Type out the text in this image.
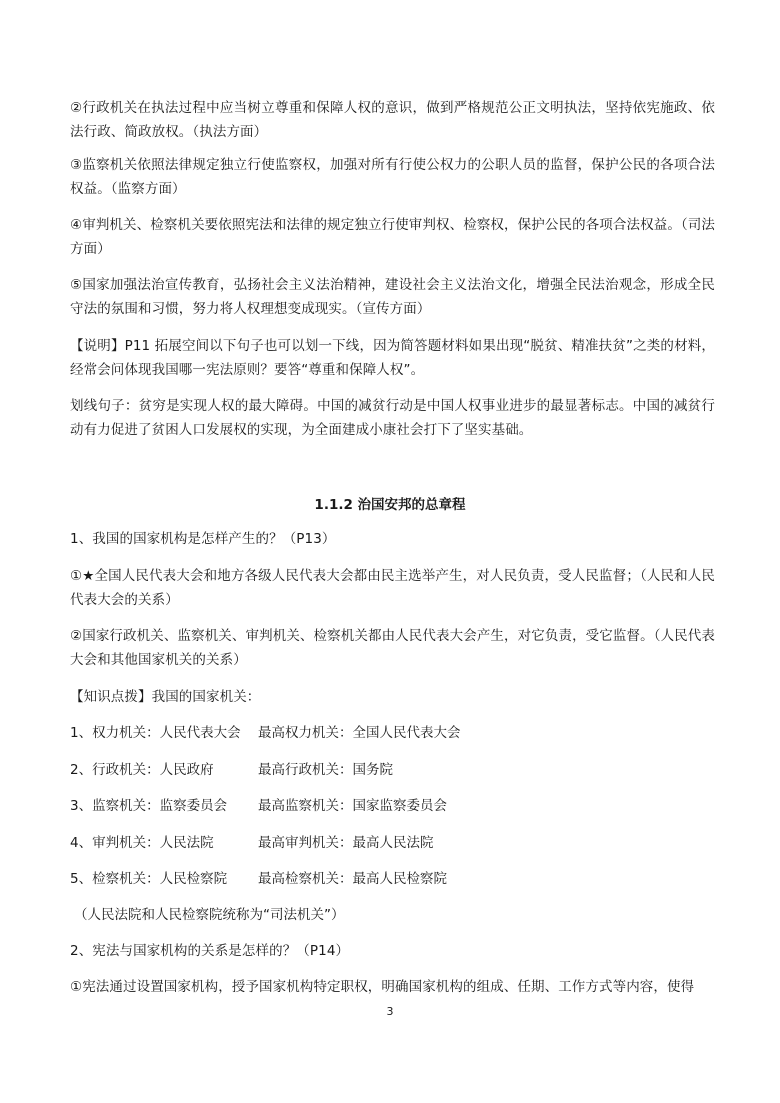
②行政机关在执法过程中应当树立尊重和保障人权的意识，做到严格规范公正文明执法，坚持依宪施政、依法行政、简政放权。（执法方面）

③监察机关依照法律规定独立行使监察权，加强对所有行使公权力的公职人员的监督，保护公民的各项合法权益。（监察方面）

④审判机关、检察机关要依照宪法和法律的规定独立行使审判权、检察权，保护公民的各项合法权益。（司法方面）

⑤国家加强法治宣传教育，弘扬社会主义法治精神，建设社会主义法治文化，增强全民法治观念，形成全民守法的氛围和习惯，努力将人权理想变成现实。（宣传方面）

【说明】P11 拓展空间以下句子也可以划一下线，因为简答题材料如果出现“脱贫、精准扶贫”之类的材料，经常会问体现我国哪一宪法原则？要答“尊重和保障人权”。

划线句子：贫穷是实现人权的最大障碍。中国的减贫行动是中国人权事业进步的最显著标志。中国的减贫行动有力促进了贫困人口发展权的实现，为全面建成小康社会打下了坚实基础。

1.1.2 治国安邦的总章程

1、我国的国家机构是怎样产生的？（P13）

①★全国人民代表大会和地方各级人民代表大会都由民主选举产生，对人民负责，受人民监督；（人民和人民代表大会的关系）

②国家行政机关、监察机关、审判机关、检察机关都由人民代表大会产生，对它负责，受它监督。（人民代表大会和其他国家机关的关系）

【知识点拨】我国的国家机关：

1、权力机关：人民代表大会 最高权力机关：全国人民代表大会

2、行政机关：人民政府	最高行政机关：国务院

3、监察机关：监察委员会 最高监察机关：国家监察委员会

4、审判机关：人民法院	最高审判机关：最高人民法院

5、检察机关：人民检察院 最高检察机关：最高人民检察院

（人民法院和人民检察院统称为“司法机关”）

2、宪法与国家机构的关系是怎样的？（P14）

①宪法通过设置国家机构，授予国家机构特定职权，明确国家机构的组成、任期、工作方式等内容，使得

3
